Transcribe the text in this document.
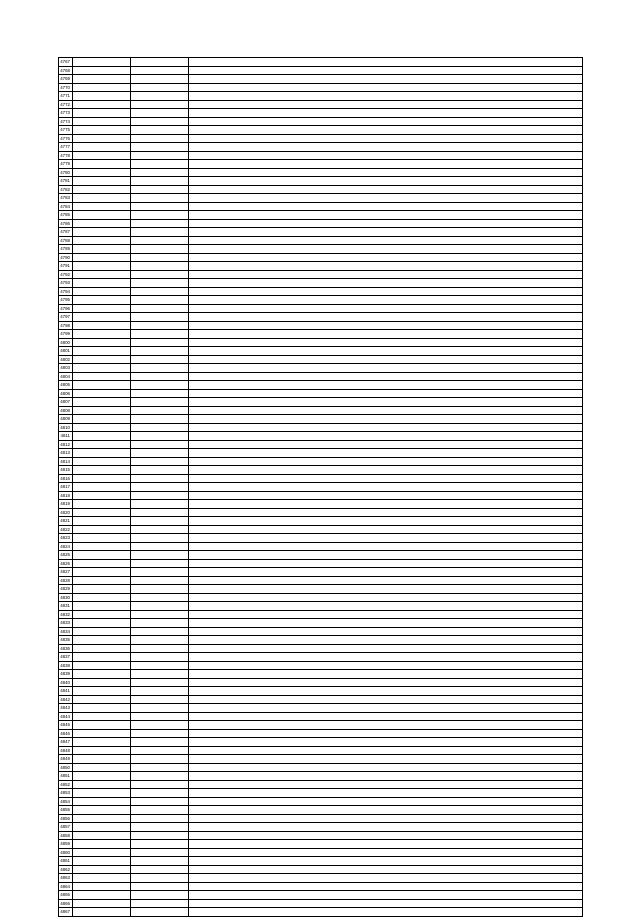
4767			
4768			
4769			
4770			
4771			
4772			
4773			
4774			
4775			
4776			
4777			
4778			
4779			
4780			
4781			
4782			
4783			
4784			
4785			
4786			
4787			
4788			
4789			
4790			
4791			
4792			
4793			
4794			
4795			
4796			
4797			
4798			
4799			
4800			
4801			
4802			
4803			
4804			
4805			
4806			
4807			
4808			
4809			
4810			
4811			
4812			
4813			
4814			
4815			
4816			
4817			
4818			
4819			
4820			
4821			
4822			
4823			
4824			
4825			
4826			
4827			
4828			
4829			
4830			
4831			
4832			
4833			
4834			
4835			
4836			
4837			
4838			
4839			
4840			
4841			
4842			
4843			
4844			
4845			
4846			
4847			
4848			
4849			
4850			
4851			
4852			
4853			
4854			
4855			
4856			
4857			
4858			
4859			
4860			
4861			
4862			
4863			
4864			
4865			
4866			
4867			
